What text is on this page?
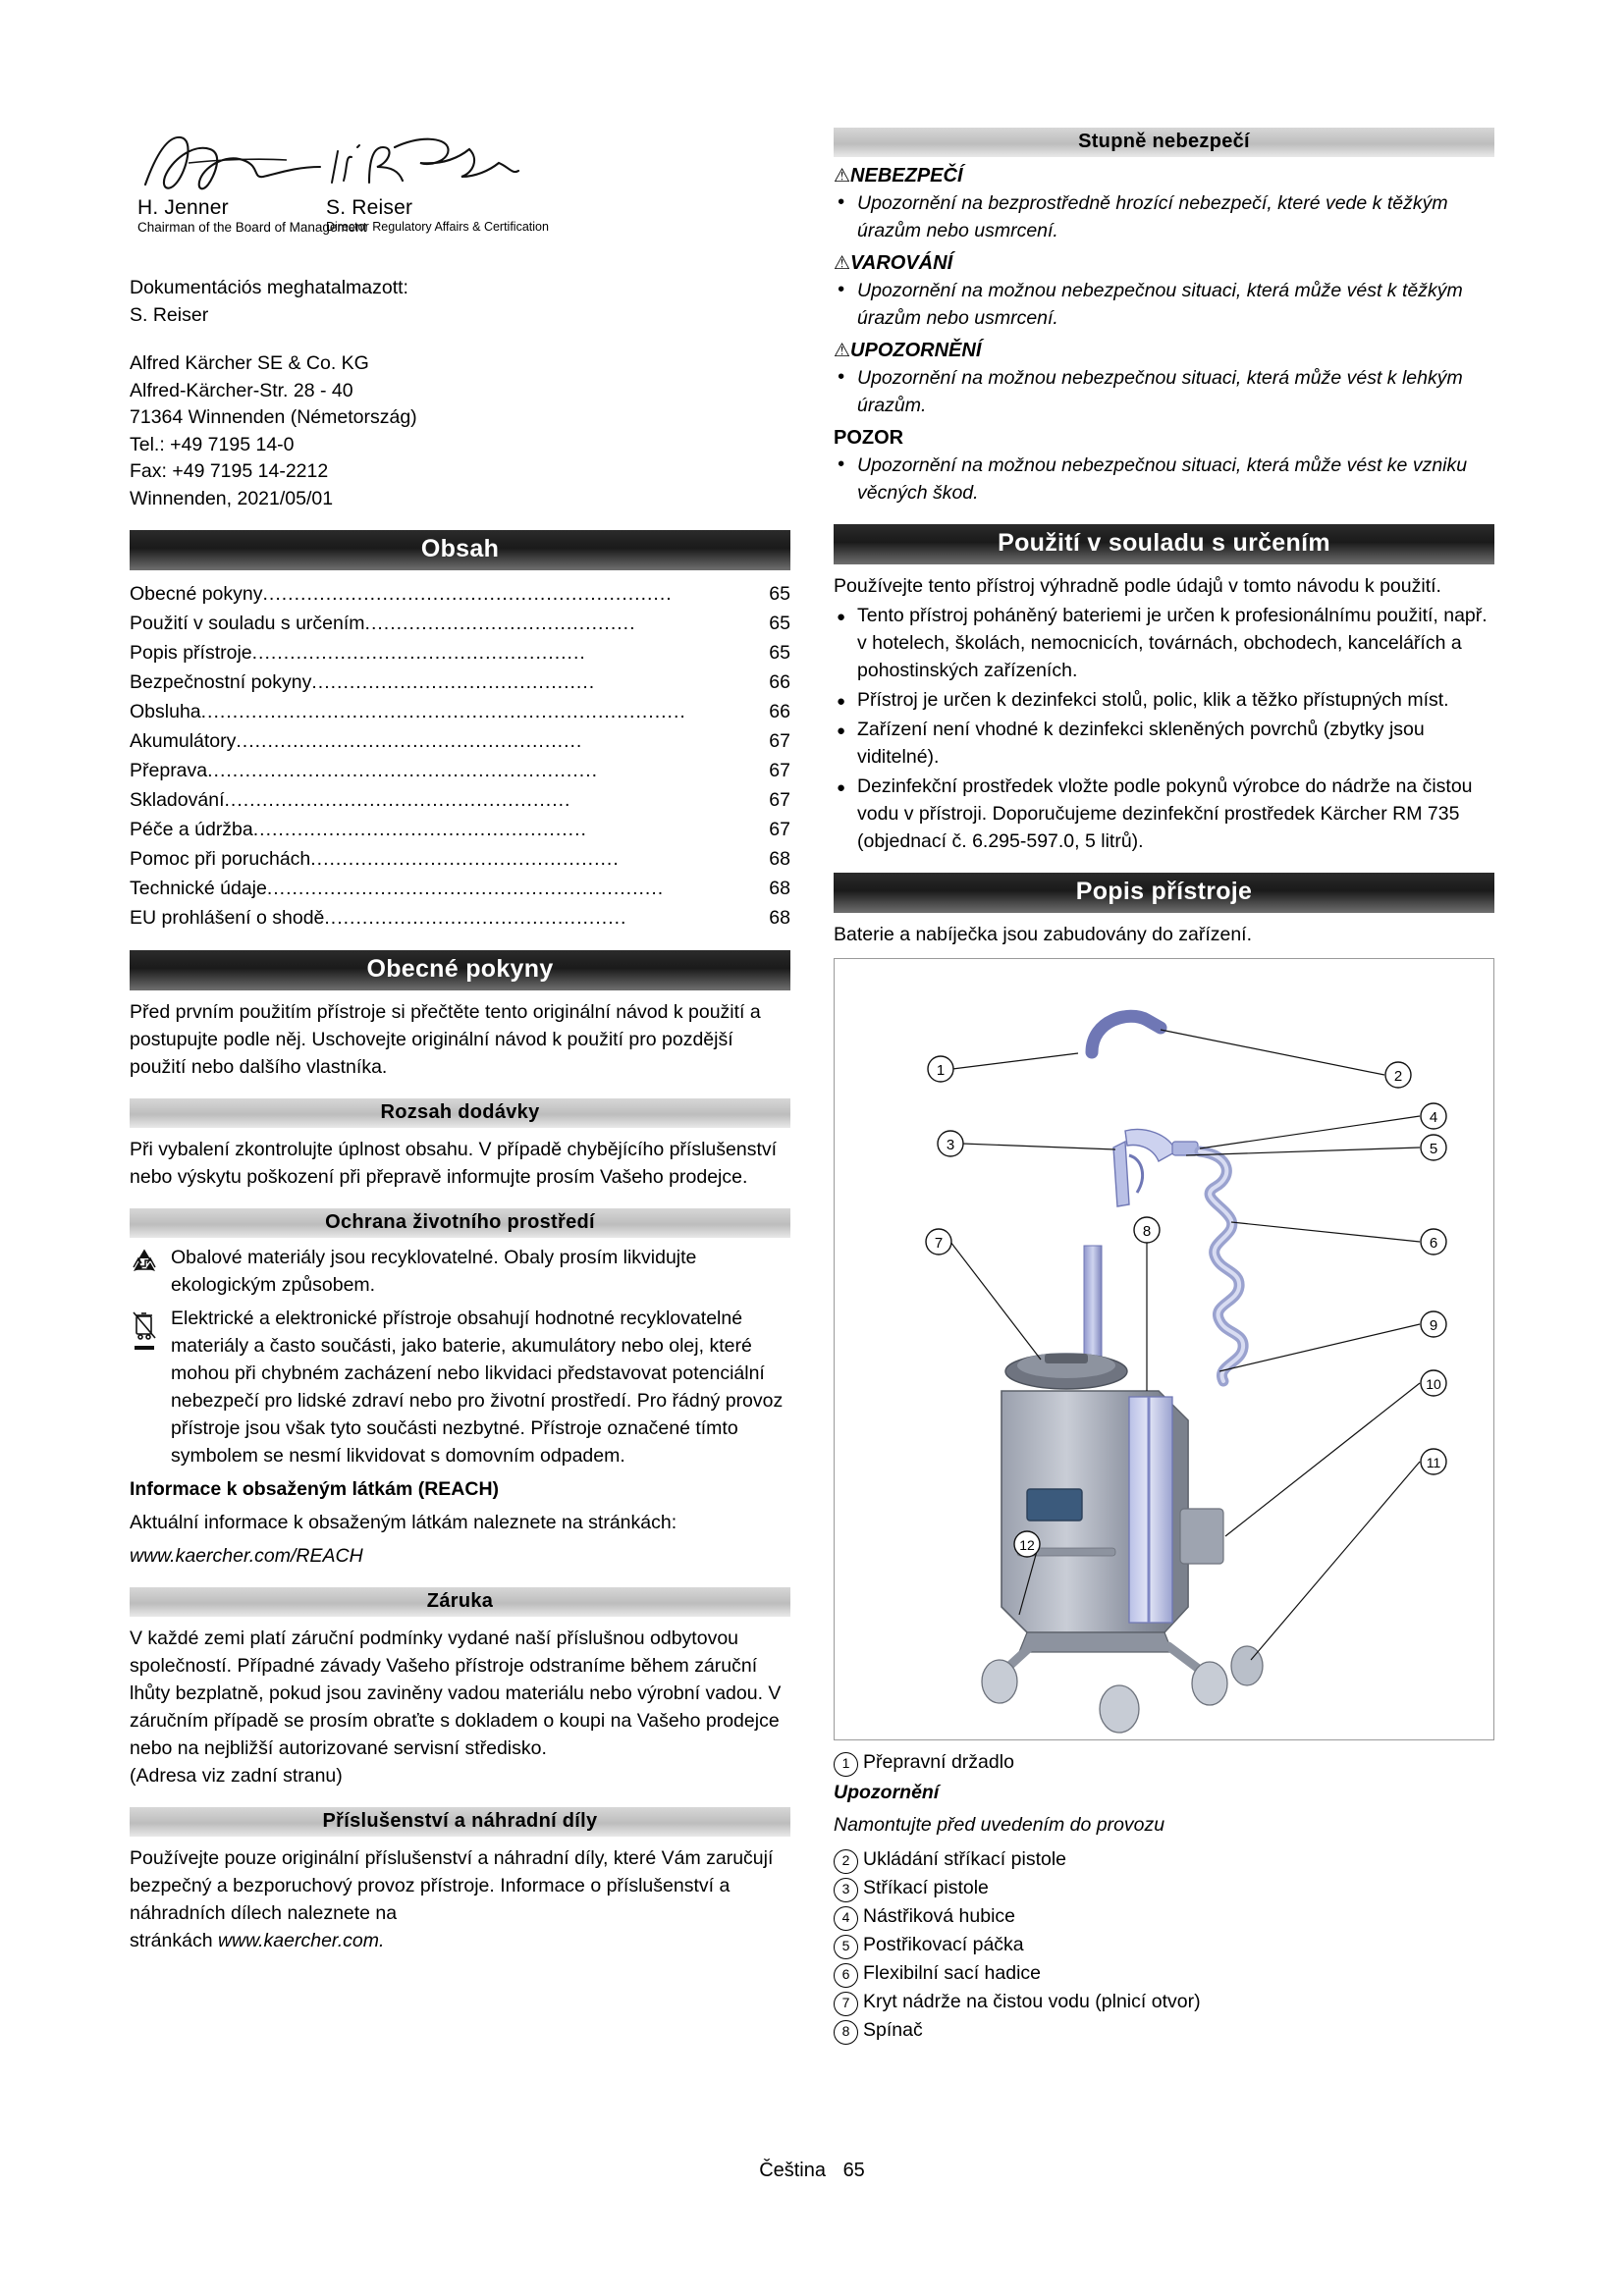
H. Jenner
Chairman of the Board of Management
S. Reiser
Director Regulatory Affairs & Certification
Dokumentációs meghatalmazott:
S. Reiser
Alfred Kärcher SE & Co. KG
Alfred-Kärcher-Str. 28 - 40
71364 Winnenden (Németország)
Tel.: +49 7195 14-0
Fax: +49 7195 14-2212
Winnenden, 2021/05/01
Obsah
Obecné pokyny .................................................................	65
Použití v souladu s určením ...........................................	65
Popis přístroje .....................................................	65
Bezpečnostní pokyny .............................................	66
Obsluha .............................................................................	66
Akumulátory .......................................................	67
Přeprava ..............................................................	67
Skladování .......................................................	67
Péče a údržba .....................................................	67
Pomoc při poruchách .................................................	68
Technické údaje ...............................................................	68
EU prohlášení o shodě ................................................	68
Obecné pokyny

Před prvním použitím přístroje si přečtěte tento originální návod k použití a postupujte podle něj. Uschovejte originální návod k použití pro pozdější použití nebo dalšího vlastníka.

Rozsah dodávky

Při vybalení zkontrolujte úplnost obsahu. V případě chybějícího příslušenství nebo výskytu poškození při přepravě informujte prosím Vašeho prodejce.

Ochrana životního prostředí
Obalové materiály jsou recyklovatelné. Obaly prosím likvidujte ekologickým způsobem.
Elektrické a elektronické přístroje obsahují hodnotné recyklovatelné materiály a často součásti, jako baterie, akumulátory nebo olej, které mohou při chybném zacházení nebo likvidaci představovat potenciální nebezpečí pro lidské zdraví nebo pro životní prostředí. Pro řádný provoz přístroje jsou však tyto součásti nezbytné. Přístroje označené tímto symbolem se nesmí likvidovat s domovním odpadem.

Informace k obsaženým látkám (REACH)

Aktuální informace k obsaženým látkám naleznete na stránkách:

www.kaercher.com/REACH

Záruka

V každé zemi platí záruční podmínky vydané naší příslušnou odbytovou společností. Případné závady Vašeho přístroje odstraníme během záruční lhůty bezplatně, pokud jsou zaviněny vadou materiálu nebo výrobní vadou. V záručním případě se prosím obraťte s dokladem o koupi na Vašeho prodejce nebo na nejbližší autorizované servisní středisko.

(Adresa viz zadní stranu)

Příslušenství a náhradní díly

Používejte pouze originální příslušenství a náhradní díly, které Vám zaručují bezpečný a bezporuchový provoz přístroje. Informace o příslušenství a náhradních dílech naleznete na

stránkách www.kaercher.com.

Stupně nebezpečí
⚠NEBEZPEČÍ
• Upozornění na bezprostředně hrozící nebezpečí, které vede k těžkým úrazům nebo usmrcení.
⚠VAROVÁNÍ
• Upozornění na možnou nebezpečnou situaci, která může vést k těžkým úrazům nebo usmrcení.
⚠UPOZORNĚNÍ
• Upozornění na možnou nebezpečnou situaci, která může vést k lehkým úrazům.
POZOR
• Upozornění na možnou nebezpečnou situaci, která může vést ke vzniku věcných škod.
Použití v souladu s určením

Používejte tento přístroj výhradně podle údajů v tomto návodu k použití.

● Tento přístroj poháněný bateriemi je určen k profesionálnímu použití, např. v hotelech, školách, nemocnicích, továrnách, obchodech, kancelářích a pohostinských zařízeních.
● Přístroj je určen k dezinfekci stolů, polic, klik a těžko přístupných míst.
● Zařízení není vhodné k dezinfekci skleněných povrchů (zbytky jsou viditelné).
● Dezinfekční prostředek vložte podle pokynů výrobce do nádrže na čistou vodu v přístroji. Doporučujeme dezinfekční prostředek Kärcher RM 735 (objednací č. 6.295-597.0, 5 litrů).
Popis přístroje

Baterie a nabíječka jsou zabudovány do zařízení.

1	2
3
4
5
6
7
8
9
10
11
12
1 Přepravní držadlo
Upozornění
Namontujte před uvedením do provozu
2 Ukládání stříkací pistole
3 Stříkací pistole
4 Nástřiková hubice
5 Postřikovací páčka
6 Flexibilní sací hadice
7 Kryt nádrže na čistou vodu (plnicí otvor)
8 Spínač
Čeština 65
